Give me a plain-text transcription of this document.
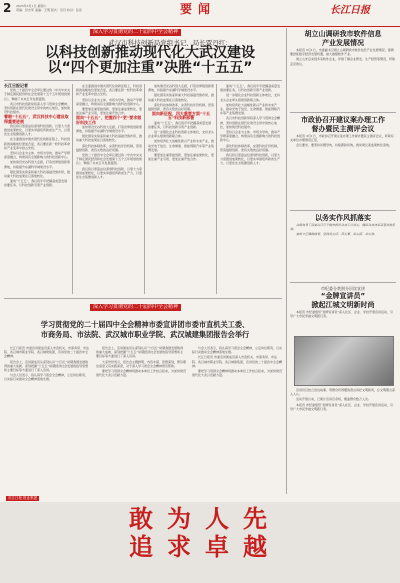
2 2025年3月1日 星期六
责编：彭志军 美编：王明 版式：章丹 校对：张亮	要闻	长江日报
深入学习贯彻党的二十届四中全会精神
武汉市科技创新局党组书记、局长覃丹红：
以科技创新推动现代化大武汉建设
以“四个更加注重”决胜“十五五”
长江日报记者

党的二十届四中全会审议通过的《中共中央关于制定国民经济和社会发展第十五个五年规划的建议》，擘画了未来五年发展蓝图。

武汉市科技创新局将深入学习贯彻全会精神，坚持创新在现代化建设全局中的核心地位，加快建设科技强市。

着眼“十五五”，武汉科技中心建设取得重要进展

我们将以更高站位谋划科技创新，以更大力度推进成果转化，以更实举措培育新质生产力，以更优生态集聚创新人才。

在全面推进中国式现代化的新征程上，科技创新的战略地位更加凸显，武汉要在新一轮科技革命和产业变革中抢占先机。

坚持以企业为主体、市场为导向，推动产学研深度融合，构建具有全国影响力的科技创新中心。

加快建设光谷科创大走廊，打造世界级创新策源地，持续提升东湖科学城建设水平。

强化国家实验室和重大科技基础设施布局，推动重大科技成果在汉落地转化。

面向“十五五”，我们将牢牢把握高质量发展首要任务，以科技创新引领产业创新。

在全面推进中国式现代化的新征程上，科技创新的战略地位更加凸显，武汉要在新一轮科技革命和产业变革中抢占先机。

坚持以企业为主体、市场为导向，推动产学研深度融合，构建具有全国影响力的科技创新中心。

要更加注重原始创新，更加注重成果转化，更加注重产业引领，更加注重开放合作。

面向“十五五”，把握四个“更”要求做好科技工作

加快建设光谷科创大走廊，打造世界级创新策源地，持续提升东湖科学城建设水平。

强化国家实验室和重大科技基础设施布局，推动重大科技成果在汉落地转化。

深化科技体制改革，完善科技评价机制，营造鼓励创新、宽容失败的良好氛围。

党的二十届四中全会审议通过的《中共中央关于制定国民经济和社会发展第十五个五年规划的建议》，擘画了未来五年发展蓝图。

我们将以更高站位谋划科技创新，以更大力度推进成果转化，以更实举措培育新质生产力，以更优生态集聚创新人才。

加快建设光谷科创大走廊，打造世界级创新策源地，持续提升东湖科学城建设水平。

强化国家实验室和重大科技基础设施布局，推动重大科技成果在汉落地转化。

深化科技体制改革，完善科技评价机制，营造鼓励创新、宽容失败的良好氛围。

面向新征程，四大重要方面“十五五”科技新部署

面向“十五五”，我们将牢牢把握高质量发展首要任务，以科技创新引领产业创新。

进一步强化企业科技创新主体地位，支持龙头企业牵头组建创新联合体。

加快培育壮大战略性新兴产业和未来产业，推动光电子信息、生命健康、智能网联汽车等产业集群发展。

要更加注重原始创新，更加注重成果转化，更加注重产业引领，更加注重开放合作。

面向“十五五”，我们将牢牢把握高质量发展首要任务，以科技创新引领产业创新。

进一步强化企业科技创新主体地位，支持龙头企业牵头组建创新联合体。

加快培育壮大战略性新兴产业和未来产业，推动光电子信息、生命健康、智能网联汽车等产业集群发展。

武汉市科技创新局将深入学习贯彻全会精神，坚持创新在现代化建设全局中的核心地位，加快建设科技强市。

坚持以企业为主体、市场为导向，推动产学研深度融合，构建具有全国影响力的科技创新中心。

深化科技体制改革，完善科技评价机制，营造鼓励创新、宽容失败的良好氛围。

我们将以更高站位谋划科技创新，以更大力度推进成果转化，以更实举措培育新质生产力，以更优生态集聚创新人才。

胡立山调研我市软件信息
产业发展情况

本报讯 3月1日，市委副书记胡立山调研我市软件信息产业发展情况，强调要抢抓数字经济发展机遇，做大做强软件产业。

胡立山先后来到多家软件企业，详细了解企业研发、生产经营等情况，听取意见建议。

市政协召开建议案办理工作
督办暨民主测评会议

本报讯 3月1日，市政协召开建议案办理工作督办暨民主测评会议，听取有关单位办理情况汇报。

会议要求，要坚持问题导向，持续跟踪问效，推动建议案成果转化落地。

以务实作风抓落实

各级领导干部要以钉钉子精神抓好各项工作落实，确保各项决策部署落地见效。

要树立正确政绩观，坚持说实话、谋实事、出实招、求实效。

市纪委分类别分层次宣讲
“金牌宣讲员”
掀起江城文明新时尚

本报讯 市纪委组织“金牌宣讲员”深入社区、企业、学校开展宣讲活动，引导广大市民争做文明践行者。

宣讲员们结合身边故事，用群众听得懂的语言讲好文明新风，让文明理念深入人心。

活动开展以来，已累计宣讲百余场，覆盖群众数万人次。

本报讯 市纪委组织“金牌宣讲员”深入社区、企业、学校开展宣讲活动，引导广大市民争做文明践行者。

深入学习贯彻党的二十届四中全会精神
学习贯彻党的二十届四中全会精神市委宣讲团市委市直机关工委、
市商务局、市法院、武汉城市职业学院、武汉城建集团报告会举行

长江日报讯 市委宣讲团成员深入市直机关、市商务局、市法院、武汉城市职业学院、武汉城建集团，宣讲党的二十届四中全会精神。

报告会上，宣讲团成员从深刻认识“十四五”时期我国发展取得的重大成就、深刻把握“十五五”时期经济社会发展的指导思想和主要目标等方面进行了深入宣讲。

与会人员表示，将认真学习领会全会精神，立足岗位职责，以实际行动推动全会精神落地生根。

报告会上，宣讲团成员从深刻认识“十四五”时期我国发展取得的重大成就、深刻把握“十五五”时期经济社会发展的指导思想和主要目标等方面进行了深入宣讲。

大家纷纷表示，报告会主题鲜明、内容丰富、思想深刻，既有理论高度又有实践深度，对于深入学习领会全会精神很有帮助。

要把学习贯彻全会精神同推动本单位工作结合起来，为加快建设现代化大武汉贡献力量。

与会人员表示，将认真学习领会全会精神，立足岗位职责，以实际行动推动全会精神落地生根。

长江日报讯 市委宣讲团成员深入市直机关、市商务局、市法院、武汉城市职业学院、武汉城建集团，宣讲党的二十届四中全会精神。

要把学习贯彻全会精神同推动本单位工作结合起来，为加快建设现代化大武汉贡献力量。

长江日报 报业集团
敢为人先
追求卓越
